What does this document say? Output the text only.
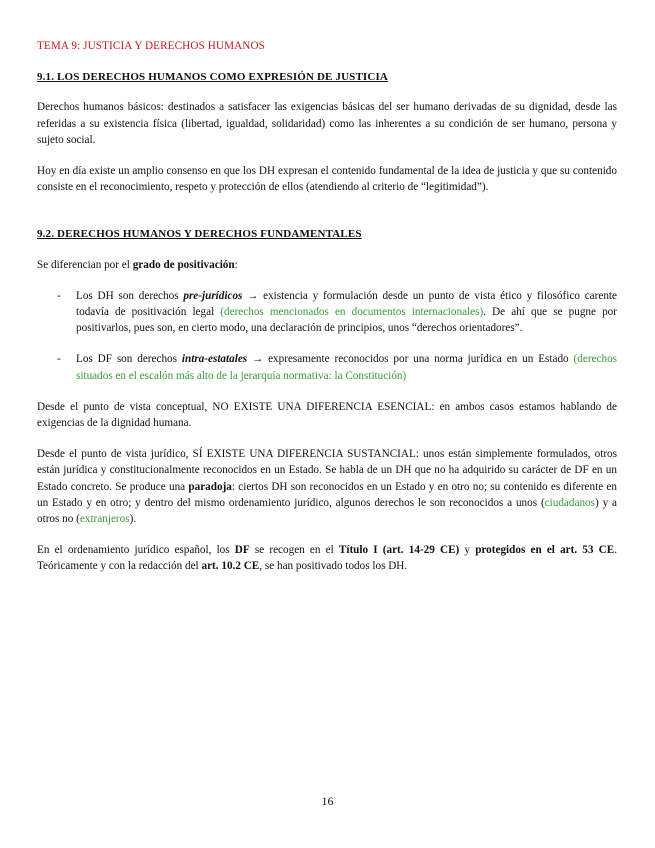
TEMA 9: JUSTICIA Y DERECHOS HUMANOS
9.1. LOS DERECHOS HUMANOS COMO EXPRESIÓN DE JUSTICIA

Derechos humanos básicos: destinados a satisfacer las exigencias básicas del ser humano derivadas de su dignidad, desde las referidas a su existencia física (libertad, igualdad, solidaridad) como las inherentes a su condición de ser humano, persona y sujeto social.

Hoy en día existe un amplio consenso en que los DH expresan el contenido fundamental de la idea de justicia y que su contenido consiste en el reconocimiento, respeto y protección de ellos (atendiendo al criterio de “legitimidad”).

9.2. DERECHOS HUMANOS Y DERECHOS FUNDAMENTALES

Se diferencian por el grado de positivación:

- Los DH son derechos pre-jurídicos → existencia y formulación desde un punto de vista ético y filosófico carente todavía de positivación legal (derechos mencionados en documentos internacionales). De ahí que se pugne por positivarlos, pues son, en cierto modo, una declaración de principios, unos “derechos orientadores”.
- Los DF son derechos intra-estatales → expresamente reconocidos por una norma jurídica en un Estado (derechos situados en el escalón más alto de la jerarquía normativa: la Constitución)

Desde el punto de vista conceptual, NO EXISTE UNA DIFERENCIA ESENCIAL: en ambos casos estamos hablando de exigencias de la dignidad humana.

Desde el punto de vista jurídico, SÍ EXISTE UNA DIFERENCIA SUSTANCIAL: unos están simplemente formulados, otros están jurídica y constitucionalmente reconocidos en un Estado. Se habla de un DH que no ha adquirido su carácter de DF en un Estado concreto. Se produce una paradoja: ciertos DH son reconocidos en un Estado y en otro no; su contenido es diferente en un Estado y en otro; y dentro del mismo ordenamiento jurídico, algunos derechos le son reconocidos a unos (ciudadanos) y a otros no (extranjeros).

En el ordenamiento jurídico español, los DF se recogen en el Título I (art. 14-29 CE) y protegidos en el art. 53 CE. Teóricamente y con la redacción del art. 10.2 CE, se han positivado todos los DH.

16
